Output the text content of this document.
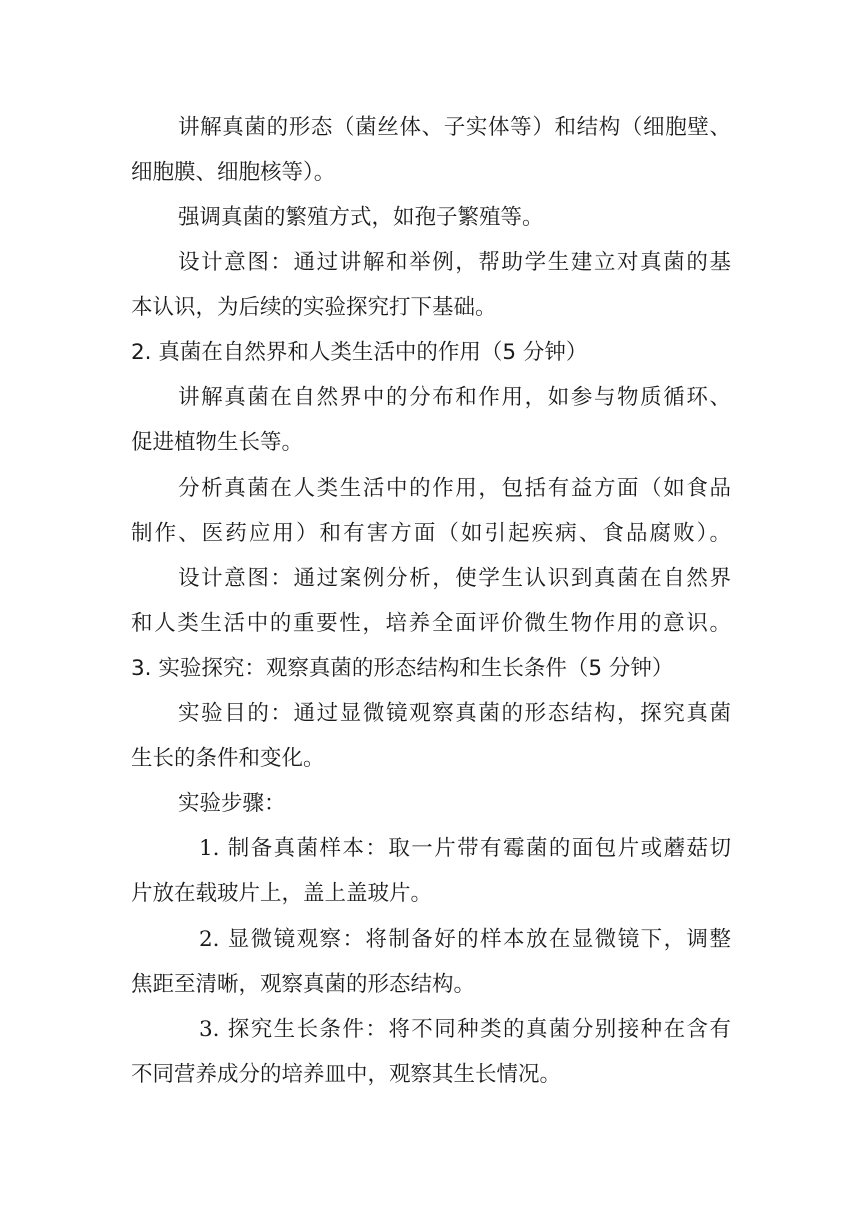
讲解真菌的形态（菌丝体、子实体等）和结构（细胞壁、
细胞膜、细胞核等）。
强调真菌的繁殖方式，如孢子繁殖等。
设计意图：通过讲解和举例，帮助学生建立对真菌的基
本认识，为后续的实验探究打下基础。
2. 真菌在自然界和人类生活中的作用（5 分钟）
讲解真菌在自然界中的分布和作用，如参与物质循环、
促进植物生长等。
分析真菌在人类生活中的作用，包括有益方面（如食品
制作、医药应用）和有害方面（如引起疾病、食品腐败）。
设计意图：通过案例分析，使学生认识到真菌在自然界
和人类生活中的重要性，培养全面评价微生物作用的意识。
3. 实验探究：观察真菌的形态结构和生长条件（5 分钟）
实验目的：通过显微镜观察真菌的形态结构，探究真菌
生长的条件和变化。
实验步骤：
1. 制备真菌样本：取一片带有霉菌的面包片或蘑菇切
片放在载玻片上，盖上盖玻片。
2. 显微镜观察：将制备好的样本放在显微镜下，调整
焦距至清晰，观察真菌的形态结构。
3. 探究生长条件：将不同种类的真菌分别接种在含有
不同营养成分的培养皿中，观察其生长情况。
